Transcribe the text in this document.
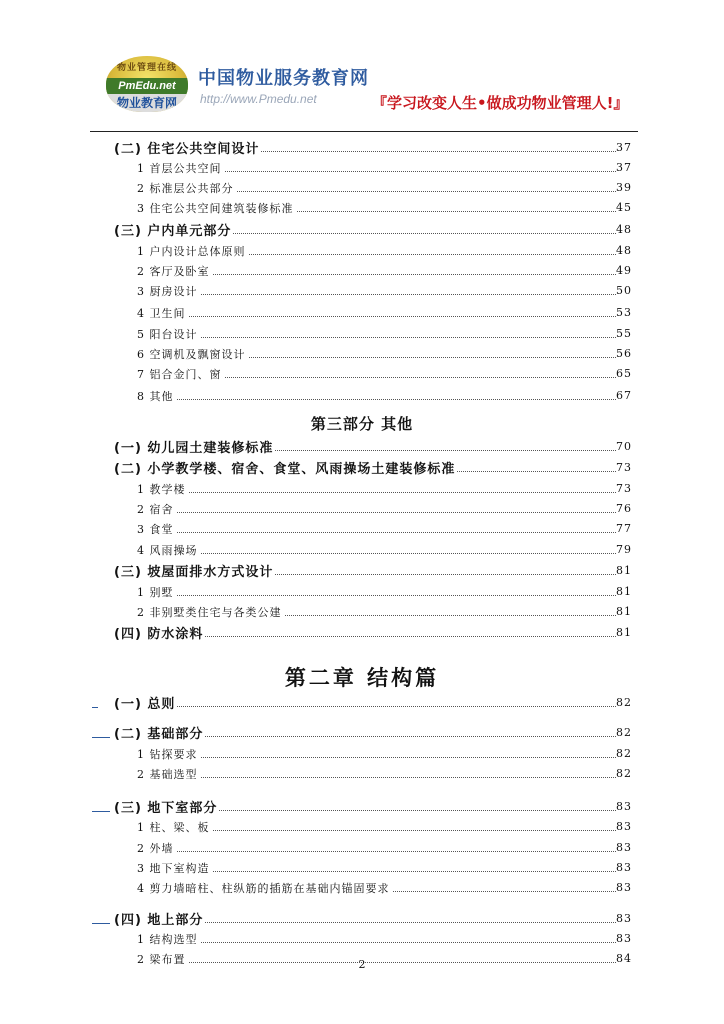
物业管理在线
PmEdu.net
物业教育网
中国物业服务教育网
http://www.Pmedu.net	『学习改变人生•做成功物业管理人!』
(二) 住宅公共空间设计	37
1 首层公共空间	37
2 标准层公共部分	39
3 住宅公共空间建筑装修标准	45
(三) 户内单元部分	48
1 户内设计总体原则	48
2 客厅及卧室	49
3 厨房设计	50
4 卫生间	53
5 阳台设计	55
6 空调机及飘窗设计	56
7 铝合金门、窗	65
8 其他	67
第三部分 其他
(一) 幼儿园土建装修标准	70
(二) 小学教学楼、宿舍、食堂、风雨操场土建装修标准	73
1 教学楼	73
2 宿舍	76
3 食堂	77
4 风雨操场	79
(三) 坡屋面排水方式设计	81
1 别墅	81
2 非别墅类住宅与各类公建	81
(四) 防水涂料	81
第二章 结构篇
(一) 总则	82
(二) 基础部分	82
1 钻探要求	82
2 基础选型	82
(三) 地下室部分	83
1 柱、梁、板	83
2 外墙	83
3 地下室构造	83
4 剪力墙暗柱、柱纵筋的插筋在基础内锚固要求	83
(四) 地上部分	83
1 结构选型	83
2 梁布置	84
2
